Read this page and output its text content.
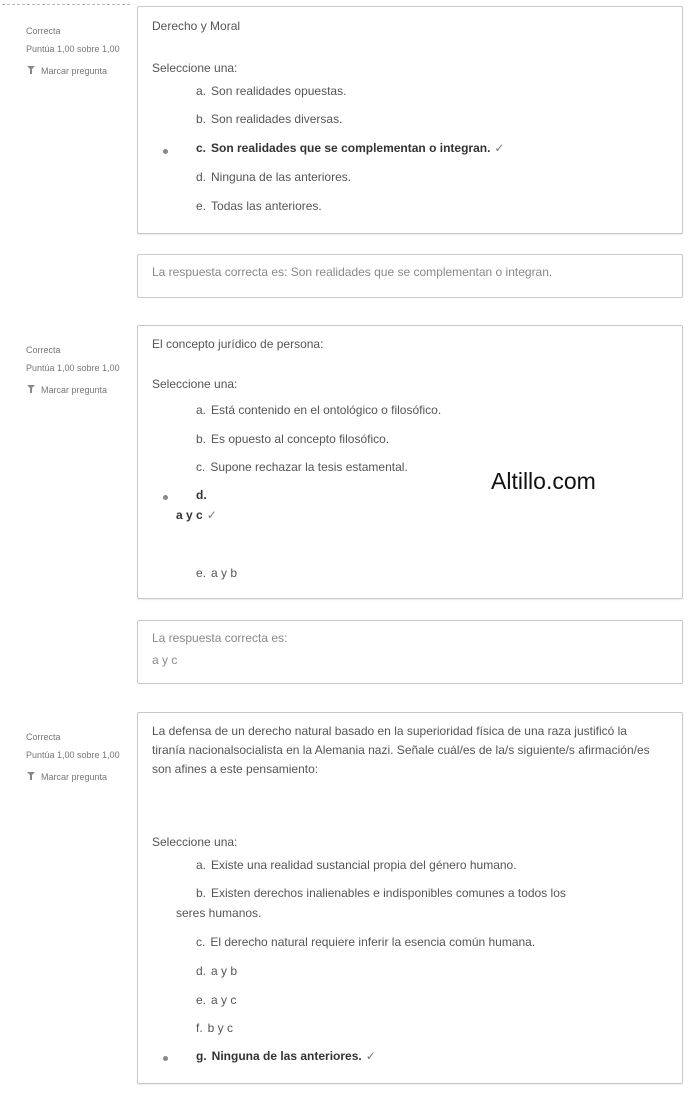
Correcta
Puntúa 1,00 sobre 1,00
Marcar pregunta
Derecho y Moral
Seleccione una:
a. Son realidades opuestas.
b. Son realidades diversas.
c. Son realidades que se complementan o integran. ✓
d. Ninguna de las anteriores.
e. Todas las anteriores.
La respuesta correcta es: Son realidades que se complementan o integran.
Correcta
Puntúa 1,00 sobre 1,00
Marcar pregunta
El concepto jurídico de persona:
Seleccione una:
a. Está contenido en el ontológico o filosófico.
b. Es opuesto al concepto filosófico.
c. Supone rechazar la tesis estamental.
d.
a y c ✓
e. a y b
Altillo.com
La respuesta correcta es:
a y c
Correcta
Puntúa 1,00 sobre 1,00
Marcar pregunta
La defensa de un derecho natural basado en la superioridad física de una raza justificó la tiranía nacionalsocialista en la Alemania nazi. Señale cuál/es de la/s siguiente/s afirmación/es son afines a este pensamiento:
Seleccione una:
a. Existe una realidad sustancial propia del género humano.
b. Existen derechos inalienables e indisponibles comunes a todos los
seres humanos.
c. El derecho natural requiere inferir la esencia común humana.
d. a y b
e. a y c
f. b y c
g. Ninguna de las anteriores. ✓
